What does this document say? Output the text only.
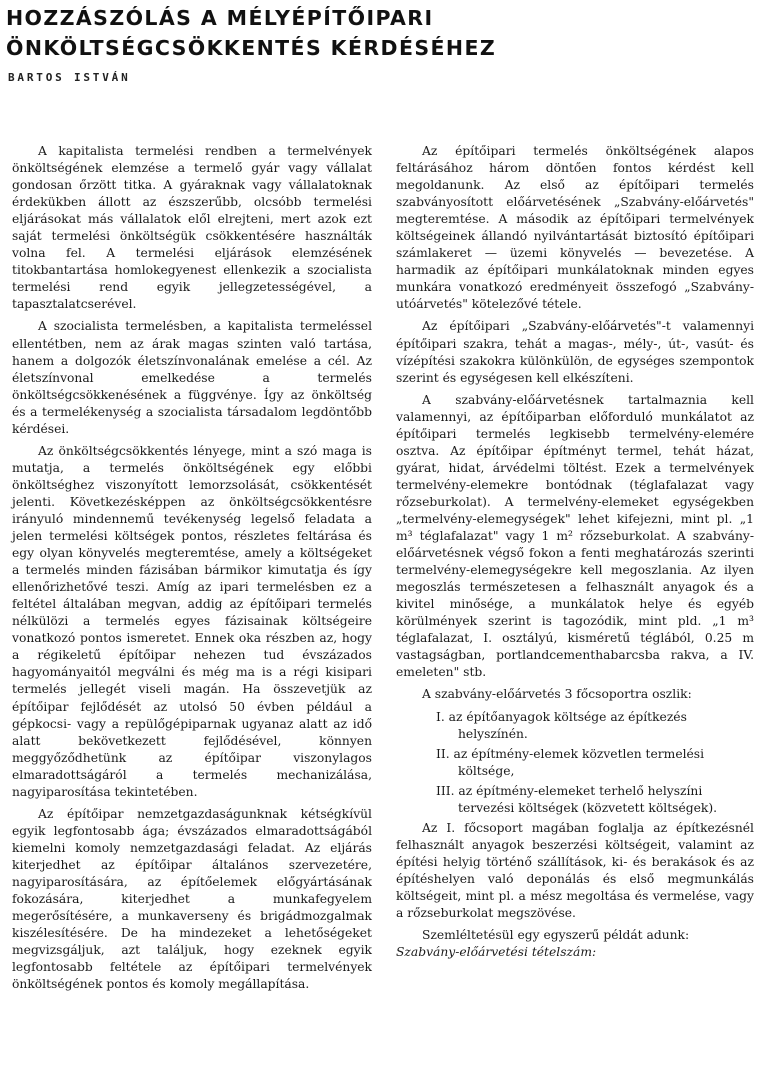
HOZZÁSZÓLÁS A MÉLYÉPÍTŐIPARI
ÖNKÖLTSÉGCSÖKKENTÉS KÉRDÉSÉHEZ
BARTOS ISTVÁN

A kapitalista termelési rendben a termelvények önköltségének elemzése a termelő gyár vagy vállalat gondosan őrzött titka. A gyáraknak vagy vállalatoknak érdekükben állott az észszerűbb, olcsóbb termelési eljárásokat más vállalatok elől elrejteni, mert azok ezt saját termelési önköltségük csökkentésére használták volna fel. A termelési eljárások elemzésének titokbantartása homlokegyenest ellenkezik a szocialista termelési rend egyik jellegzetességével, a tapasztalatcserével.

A szocialista termelésben, a kapitalista termeléssel ellentétben, nem az árak magas szinten való tartása, hanem a dolgozók életszínvonalának emelése a cél. Az életszínvonal emelkedése a termelés önköltségcsökkenésének a függvénye. Így az önköltség és a termelékenység a szocialista társadalom legdöntőbb kérdései.

Az önköltségcsökkentés lényege, mint a szó maga is mutatja, a termelés önköltségének egy előbbi önköltséghez viszonyított lemorzsolását, csökkentését jelenti. Következésképpen az önköltségcsökkentésre irányuló mindennemű tevékenység legelső feladata a jelen termelési költségek pontos, részletes feltárása és egy olyan könyvelés megteremtése, amely a költségeket a termelés minden fázisában bármikor kimutatja és így ellenőrizhetővé teszi. Amíg az ipari termelésben ez a feltétel általában megvan, addig az építőipari termelés nélkülözi a termelés egyes fázisainak költségeire vonatkozó pontos ismeretet. Ennek oka részben az, hogy a régikeletű építőipar nehezen tud évszázados hagyományaitól megválni és még ma is a régi kisipari termelés jellegét viseli magán. Ha összevetjük az építőipar fejlődését az utolsó 50 évben például a gépkocsi- vagy a repülőgépiparnak ugyanaz alatt az idő alatt bekövetkezett fejlődésével, könnyen meggyőződhetünk az építőipar viszonylagos elmaradottságáról a termelés mechanizálása, nagyiparosítása tekintetében.

Az építőipar nemzetgazdaságunknak kétségkívül egyik legfontosabb ága; évszázados elmaradottságából kiemelni komoly nemzetgazdasági feladat. Az eljárás kiterjedhet az építőipar általános szervezetére, nagyiparosítására, az építőelemek előgyártásának fokozására, kiterjedhet a munkafegyelem megerősítésére, a munkaverseny és brigádmozgalmak kiszélesítésére. De ha mindezeket a lehetőségeket megvizsgáljuk, azt találjuk, hogy ezeknek egyik legfontosabb feltétele az építőipari termelvények önköltségének pontos és komoly megállapítása.

Az építőipari termelés önköltségének alapos feltárásához három döntően fontos kérdést kell megoldanunk. Az első az építőipari termelés szabványosított előárvetésének „Szabvány-előárvetés" megteremtése. A második az építőipari termelvények költségeinek állandó nyilvántartását biztosító építőipari számlakeret — üzemi könyvelés — bevezetése. A harmadik az építőipari munkálatoknak minden egyes munkára vonatkozó eredményeit összefogó „Szabvány-utóárvetés" kötelezővé tétele.

Az építőipari „Szabvány-előárvetés"-t valamennyi építőipari szakra, tehát a magas-, mély-, út-, vasút- és vízépítési szakokra különkülön, de egységes szempontok szerint és egységesen kell elkészíteni.

A szabvány-előárvetésnek tartalmaznia kell valamennyi, az építőiparban előforduló munkálatot az építőipari termelés legkisebb termelvény-elemére osztva. Az építőipar építményt termel, tehát házat, gyárat, hidat, árvédelmi töltést. Ezek a termelvények termelvény-elemekre bontódnak (téglafalazat vagy rőzseburkolat). A termelvény-elemeket egységekben „termelvény-elemegységek" lehet kifejezni, mint pl. „1 m³ téglafalazat" vagy 1 m² rőzseburkolat. A szabvány-előárvetésnek végső fokon a fenti meghatározás szerinti termelvény-elemegységekre kell megoszlania. Az ilyen megoszlás természetesen a felhasznált anyagok és a kivitel minősége, a munkálatok helye és egyéb körülmények szerint is tagozódik, mint pld. „1 m³ téglafalazat, I. osztályú, kisméretű téglából, 0.25 m vastagságban, portlandcementhabarcsba rakva, a IV. emeleten" stb.

A szabvány-előárvetés 3 főcsoportra oszlik:

I. az építőanyagok költsége az építkezés helyszínén.

II. az építmény-elemek közvetlen termelési költsége,

III. az építmény-elemeket terhelő helyszíni tervezési költségek (közvetett költségek).

Az I. főcsoport magában foglalja az építkezésnél felhasznált anyagok beszerzési költségeit, valamint az építési helyig történő szállítások, ki- és berakások és az építéshelyen való deponálás és első megmunkálás költségeit, mint pl. a mész megoltása és vermelése, vagy a rőzseburkolat megszövése.

Szemléltetésül egy egyszerű példát adunk:

Szabvány-előárvetési tételszám:
